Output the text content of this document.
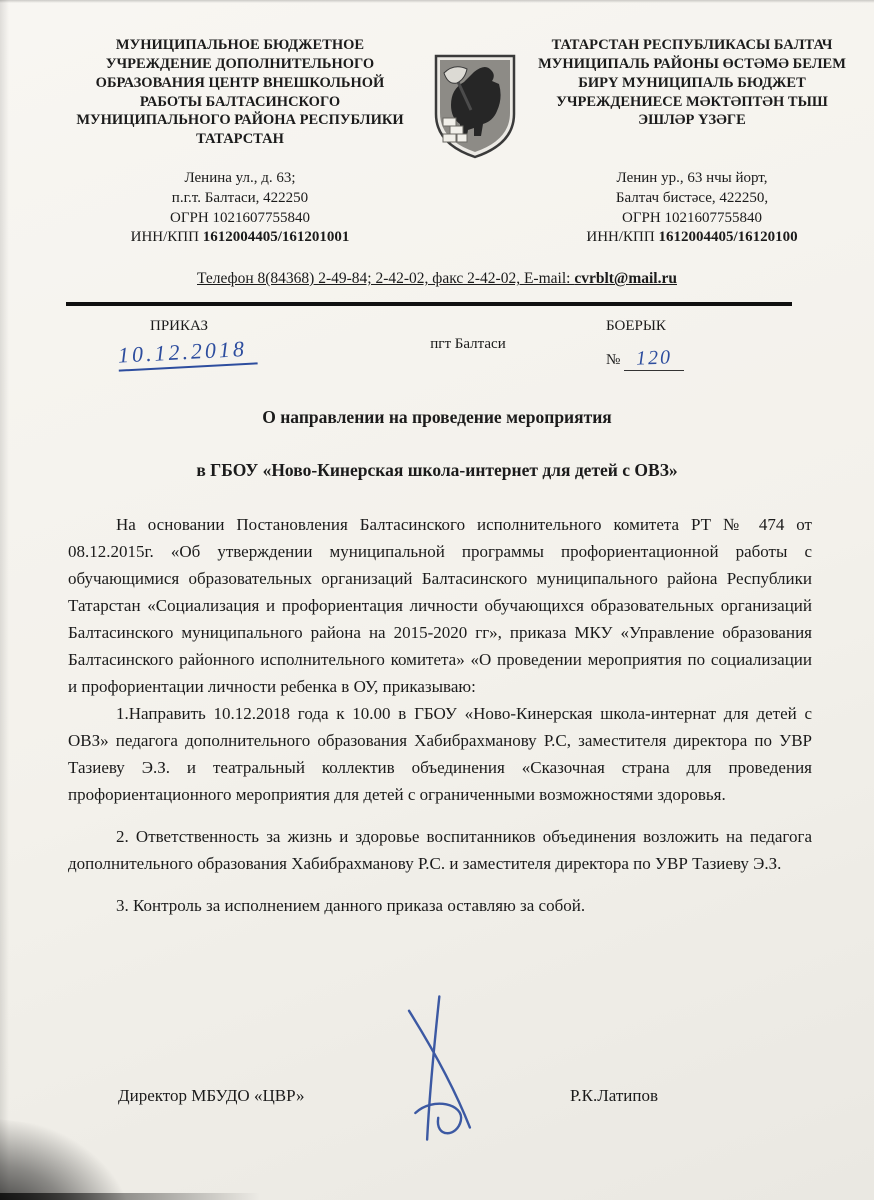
МУНИЦИПАЛЬНОЕ БЮДЖЕТНОЕ УЧРЕЖДЕНИЕ ДОПОЛНИТЕЛЬНОГО ОБРАЗОВАНИЯ ЦЕНТР ВНЕШКОЛЬНОЙ РАБОТЫ БАЛТАСИНСКОГО МУНИЦИПАЛЬНОГО РАЙОНА РЕСПУБЛИКИ ТАТАРСТАН
ТАТАРСТАН РЕСПУБЛИКАСЫ БАЛТАЧ МУНИЦИПАЛЬ РАЙОНЫ ӨСТӘМӘ БЕЛЕМ БИРҮ МУНИЦИПАЛЬ БЮДЖЕТ УЧРЕЖДЕНИЕСЕ МӘКТӘПТӘН ТЫШ ЭШЛӘР ҮЗӘГЕ
Ленина ул., д. 63;
п.г.т. Балтаси, 422250
ОГРН 1021607755840
ИНН/КПП 1612004405/161201001
Ленин ур., 63 нчы йорт,
Балтач бистәсе, 422250,
ОГРН 1021607755840
ИНН/КПП 1612004405/16120100
Телефон 8(84368) 2-49-84; 2-42-02, факс 2-42-02, E-mail: cvrblt@mail.ru
ПРИКАЗ
10.12.2018	пгт Балтаси
БОЕРЫК
№ 120
О направлении на проведение мероприятия
в ГБОУ «Ново-Кинерская школа-интернет для детей с ОВЗ»

На основании Постановления Балтасинского исполнительного комитета РТ № 474 от 08.12.2015г. «Об утверждении муниципальной программы профориентационной работы с обучающимися образовательных организаций Балтасинского муниципального района Республики Татарстан «Социализация и профориентация личности обучающихся образовательных организаций Балтасинского муниципального района на 2015-2020 гг», приказа МКУ «Управление образования Балтасинского районного исполнительного комитета» «О проведении мероприятия по социализации и профориентации личности ребенка в ОУ, приказываю:

1.Направить 10.12.2018 года к 10.00 в ГБОУ «Ново-Кинерская школа-интернат для детей с ОВЗ» педагога дополнительного образования Хабибрахманову Р.С, заместителя директора по УВР Тазиеву Э.З. и театральный коллектив объединения «Сказочная страна для проведения профориентационного мероприятия для детей с ограниченными возможностями здоровья.

2. Ответственность за жизнь и здоровье воспитанников объединения возложить на педагога дополнительного образования Хабибрахманову Р.С. и заместителя директора по УВР Тазиеву Э.З.

3. Контроль за исполнением данного приказа оставляю за собой.

Директор МБУДО «ЦВР»	Р.К.Латипов
